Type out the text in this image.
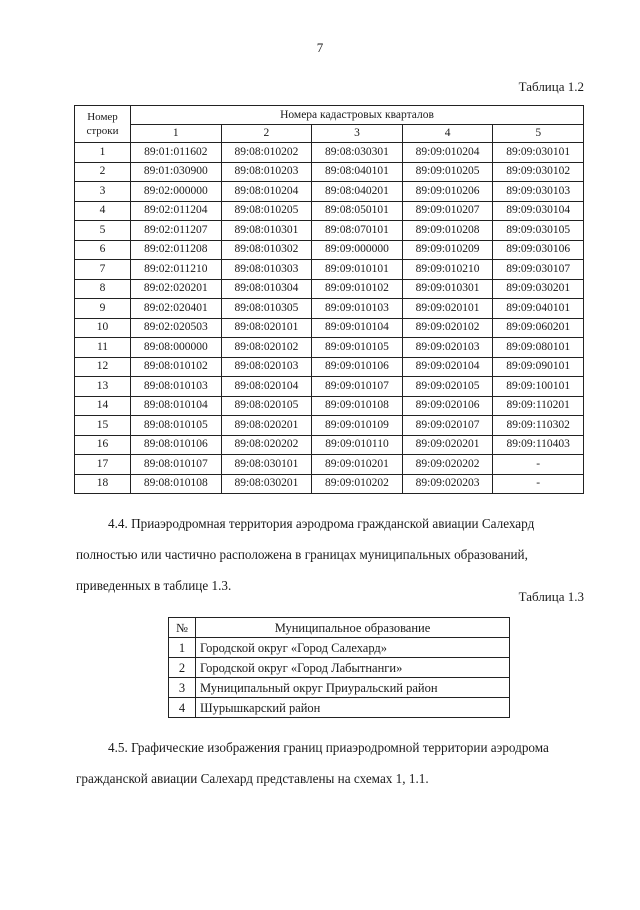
7
Таблица 1.2
Номер строки	Номера кадастровых кварталов				
	1	2	3	4	5
1	89:01:011602	89:08:010202	89:08:030301	89:09:010204	89:09:030101
2	89:01:030900	89:08:010203	89:08:040101	89:09:010205	89:09:030102
3	89:02:000000	89:08:010204	89:08:040201	89:09:010206	89:09:030103
4	89:02:011204	89:08:010205	89:08:050101	89:09:010207	89:09:030104
5	89:02:011207	89:08:010301	89:08:070101	89:09:010208	89:09:030105
6	89:02:011208	89:08:010302	89:09:000000	89:09:010209	89:09:030106
7	89:02:011210	89:08:010303	89:09:010101	89:09:010210	89:09:030107
8	89:02:020201	89:08:010304	89:09:010102	89:09:010301	89:09:030201
9	89:02:020401	89:08:010305	89:09:010103	89:09:020101	89:09:040101
10	89:02:020503	89:08:020101	89:09:010104	89:09:020102	89:09:060201
11	89:08:000000	89:08:020102	89:09:010105	89:09:020103	89:09:080101
12	89:08:010102	89:08:020103	89:09:010106	89:09:020104	89:09:090101
13	89:08:010103	89:08:020104	89:09:010107	89:09:020105	89:09:100101
14	89:08:010104	89:08:020105	89:09:010108	89:09:020106	89:09:110201
15	89:08:010105	89:08:020201	89:09:010109	89:09:020107	89:09:110302
16	89:08:010106	89:08:020202	89:09:010110	89:09:020201	89:09:110403
17	89:08:010107	89:08:030101	89:09:010201	89:09:020202	-
18	89:08:010108	89:08:030201	89:09:010202	89:09:020203	-
4.4. Приаэродромная территория аэродрома гражданской авиации Салехард
полностью или частично расположена в границах муниципальных образований,
приведенных в таблице 1.3.
Таблица 1.3
№	Муниципальное образование
1	Городской округ «Город Салехард»
2	Городской округ «Город Лабытнанги»
3	Муниципальный округ Приуральский район
4	Шурышкарский район
4.5. Графические изображения границ приаэродромной территории аэродрома
гражданской авиации Салехард представлены на схемах 1, 1.1.
